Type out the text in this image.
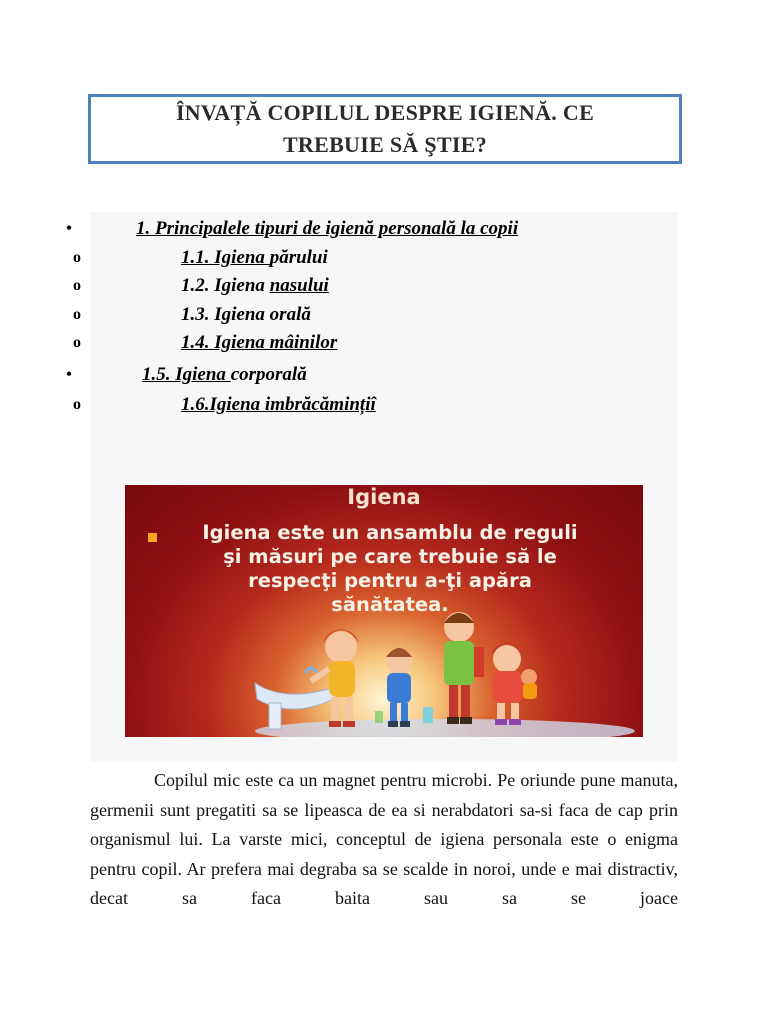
ÎNVAȚĂ COPILUL DESPRE IGIENĂ. CE TREBUIE SĂ ŞTIE?
•	1. Principalele tipuri de igienă personală la copii
o	1.1. Igiena părului
o	1.2. Igiena nasului
o	1.3. Igiena orală
o	1.4. Igiena mâinilor
•	1.5. Igiena corporală
o	1.6.Igiena imbrăcămințiî
Igiena
Igiena este un ansamblu de reguli
şi măsuri pe care trebuie să le
respecţi pentru a-ţi apăra
sănătatea.
Copilul mic este ca un magnet pentru microbi. Pe oriunde pune manuta, germenii sunt pregatiti sa se lipeasca de ea si nerabdatori sa-si faca de cap prin organismul lui. La varste mici, conceptul de igiena personala este o enigma pentru copil. Ar prefera mai degraba sa se scalde in noroi, unde e mai distractiv, decat sa faca baita sau sa se joace
